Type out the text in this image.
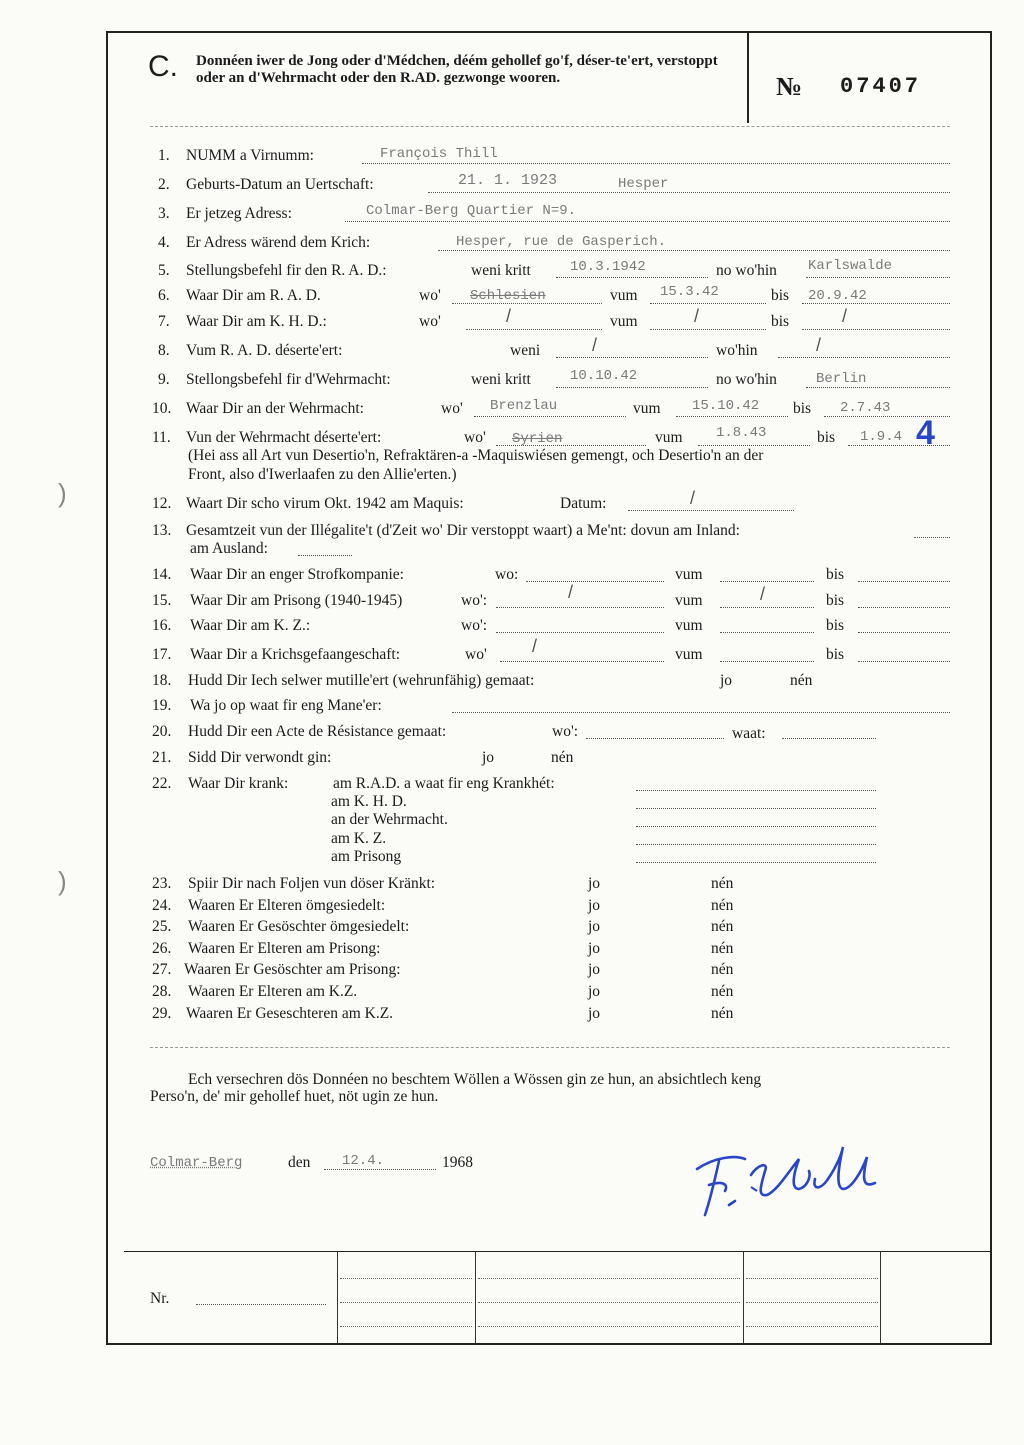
)
)
C. Donnéen iwer de Jong oder d'Médchen, déém gehollef go'f, déser-te'ert, verstoppt oder an d'Wehrmacht oder den R.AD. gezwonge wooren.	№ 07407
1. NUMM a Virnumm:	François Thill
2. Geburts-Datum an Uertschaft:	21. 1. 1923	Hesper
3. Er jetzeg Adress:	Colmar-Berg Quartier N=9.
4. Er Adress wärend dem Krich:	Hesper, rue de Gasperich.
5. Stellungsbefehl fir den R. A. D.:	weni kritt	10.3.1942	no wo'hin Karlswalde
6. Waar Dir am R. A. D.	wo' Schlesien	vum 15.3.42	bis 20.9.42
7. Waar Dir am K. H. D.:	wo'	/	vum	/	bis	/
8. Vum R. A. D. déserte'ert:	weni	/	wo'hin	/
9. Stellongsbefehl fir d'Wehrmacht:	weni kritt	10.10.42	no wo'hin	Berlin
10. Waar Dir an der Wehrmacht:	wo' Brenzlau	vum 15.10.42 bis 2.7.43
11. Vun der Wehrmacht déserte'ert:	wo' Syrien	vum 1.8.43	bis 1.9.4 4
(Hei ass all Art vun Desertio'n, Refraktären-a -Maquiswiésen gemengt, och Desertio'n an der
Front, also d'Iwerlaafen zu den Allie'erten.)
12. Waart Dir scho virum Okt. 1942 am Maquis:	Datum:	/
13. Gesamtzeit vun der Illégalite't (d'Zeit wo' Dir verstoppt waart) a Me'nt: dovun am Inland:
am Ausland:
14. Waar Dir an enger Strofkompanie:	wo:	vum	bis
15. Waar Dir am Prisong (1940-1945)	wo':	/	vum	/	bis
16. Waar Dir am K. Z.:	wo':	vum	bis
17. Waar Dir a Krichsgefaangeschaft:	wo'	/	vum	bis
18. Hudd Dir Iech selwer mutille'ert (wehrunfähig) gemaat:	jo	nén
19. Wa jo op waat fir eng Mane'er:
20. Hudd Dir een Acte de Résistance gemaat:	wo':	waat:
21. Sidd Dir verwondt gin:	jo	nén
22. Waar Dir krank:	am R.A.D. a waat fir eng Krankhét:
am K. H. D.
an der Wehrmacht.
am K. Z.
am Prisong
23. Spiir Dir nach Foljen vun döser Kränkt:	jo	nén
24. Waaren Er Elteren ömgesiedelt:	jo	nén
25. Waaren Er Gesöschter ömgesiedelt:	jo	nén
26. Waaren Er Elteren am Prisong:	jo	nén
27. Waaren Er Gesöschter am Prisong:	jo	nén
28. Waaren Er Elteren am K.Z.	jo	nén
29. Waaren Er Geseschteren am K.Z.	jo	nén
Ech versechren dös Donnéen no beschtem Wöllen a Wössen gin ze hun, an absichtlech keng
Perso'n, de' mir gehollef huet, nöt ugin ze hun.
Colmar-Berg	den 12.4.	1968
Nr.
